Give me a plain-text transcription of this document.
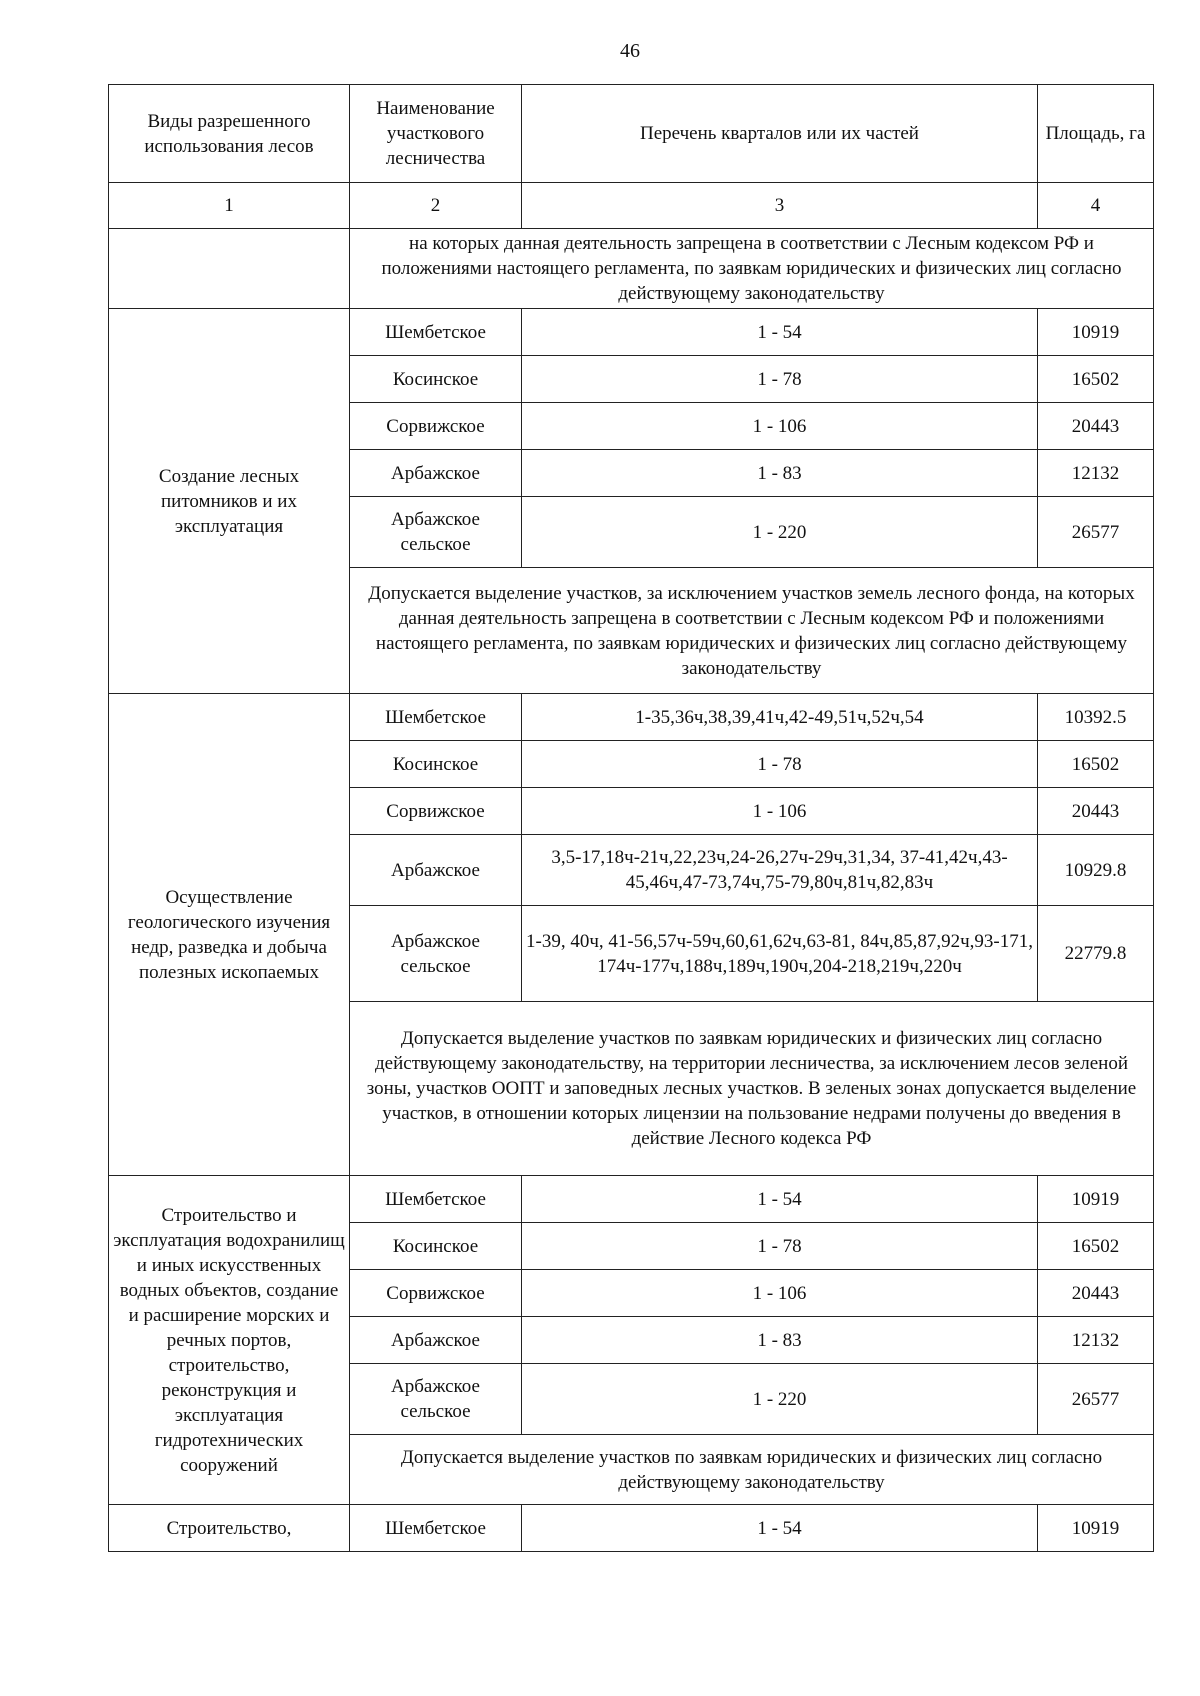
46
Виды разрешенного использования лесов	Наименование участкового лесничества	Перечень кварталов или их частей	Площадь, га
1	2	3	4
	на которых данная деятельность запрещена в соответствии с Лесным кодексом РФ и положениями настоящего регламента, по заявкам юридических и физических лиц согласно действующему законодательству		
Создание лесных питомников и их эксплуатация	Шембетское	1 - 54	10919
	Косинское	1 - 78	16502
	Сорвижское	1 - 106	20443
	Арбажское	1 - 83	12132
	Арбажское сельское	1 - 220	26577
	Допускается выделение участков, за исключением участков земель лесного фонда, на которых данная деятельность запрещена в соответствии с Лесным кодексом РФ и положениями настоящего регламента, по заявкам юридических и физических лиц согласно действующему законодательству		
Осуществление геологического изучения недр, разведка и добыча полезных ископаемых	Шембетское	1-35,36ч,38,39,41ч,42-49,51ч,52ч,54	10392.5
	Косинское	1 - 78	16502
	Сорвижское	1 - 106	20443
	Арбажское	3,5-17,18ч-21ч,22,23ч,24-26,27ч-29ч,31,34, 37-41,42ч,43-45,46ч,47-73,74ч,75-79,80ч,81ч,82,83ч	10929.8
	Арбажское сельское	1-39, 40ч, 41-56,57ч-59ч,60,61,62ч,63-81, 84ч,85,87,92ч,93-171, 174ч-177ч,188ч,189ч,190ч,204-218,219ч,220ч	22779.8
	Допускается выделение участков по заявкам юридических и физических лиц согласно действующему законодательству, на территории лесничества, за исключением лесов зеленой зоны, участков ООПТ и заповедных лесных участков. В зеленых зонах допускается выделение участков, в отношении которых лицензии на пользование недрами получены до введения в действие Лесного кодекса РФ		
Строительство и эксплуатация водохранилищ и иных искусственных водных объектов, создание и расширение морских и речных портов, строительство, реконструкция и эксплуатация гидротехнических сооружений	Шембетское	1 - 54	10919
	Косинское	1 - 78	16502
	Сорвижское	1 - 106	20443
	Арбажское	1 - 83	12132
	Арбажское сельское	1 - 220	26577
	Допускается выделение участков по заявкам юридических и физических лиц согласно действующему законодательству		
Строительство,	Шембетское	1 - 54	10919
